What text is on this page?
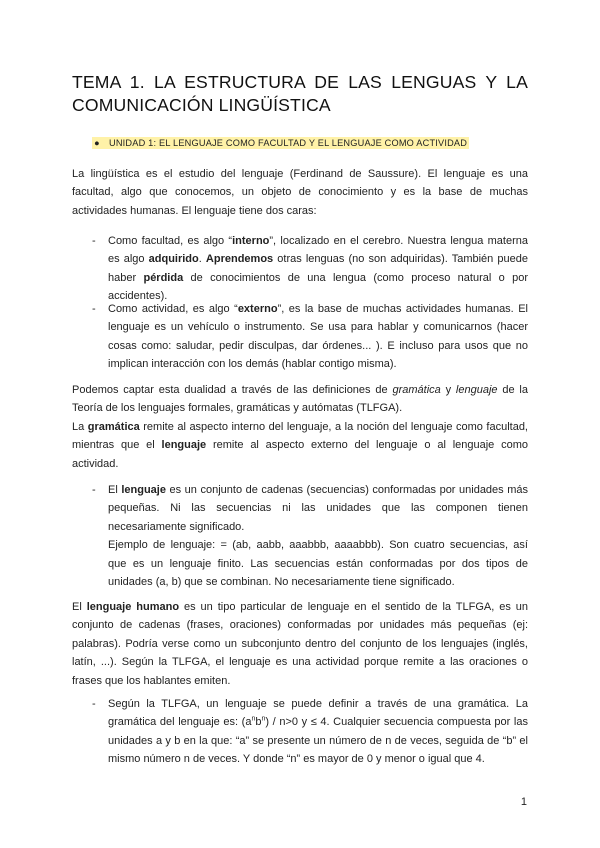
TEMA 1. LA ESTRUCTURA DE LAS LENGUAS Y LA
COMUNICACIÓN LINGÜÍSTICA
● UNIDAD 1: EL LENGUAJE COMO FACULTAD Y EL LENGUAJE COMO ACTIVIDAD

La lingüística es el estudio del lenguaje (Ferdinand de Saussure). El lenguaje es una
facultad, algo que conocemos, un objeto de conocimiento y es la base de muchas
actividades humanas. El lenguaje tiene dos caras:

- Como facultad, es algo “interno”, localizado en el cerebro. Nuestra lengua materna
es algo adquirido. Aprendemos otras lenguas (no son adquiridas). También puede
haber pérdida de conocimientos de una lengua (como proceso natural o por
accidentes).
- Como actividad, es algo “externo”, es la base de muchas actividades humanas. El
lenguaje es un vehículo o instrumento. Se usa para hablar y comunicarnos (hacer
cosas como: saludar, pedir disculpas, dar órdenes... ). E incluso para usos que no
implican interacción con los demás (hablar contigo misma).

Podemos captar esta dualidad a través de las definiciones de gramática y lenguaje de la
Teoría de los lenguajes formales, gramáticas y autómatas (TLFGA).
La gramática remite al aspecto interno del lenguaje, a la noción del lenguaje como facultad,
mientras que el lenguaje remite al aspecto externo del lenguaje o al lenguaje como
actividad.

- El lenguaje es un conjunto de cadenas (secuencias) conformadas por unidades más
pequeñas. Ni las secuencias ni las unidades que las componen tienen
necesariamente significado.
Ejemplo de lenguaje: = (ab, aabb, aaabbb, aaaabbb). Son cuatro secuencias, así
que es un lenguaje finito. Las secuencias están conformadas por dos tipos de
unidades (a, b) que se combinan. No necesariamente tiene significado.

El lenguaje humano es un tipo particular de lenguaje en el sentido de la TLFGA, es un
conjunto de cadenas (frases, oraciones) conformadas por unidades más pequeñas (ej:
palabras). Podría verse como un subconjunto dentro del conjunto de los lenguajes (inglés,
latín, ...). Según la TLFGA, el lenguaje es una actividad porque remite a las oraciones o
frases que los hablantes emiten.

- Según la TLFGA, un lenguaje se puede definir a través de una gramática. La
gramática del lenguaje es: $(a^nb^n) / n>0$ y ≤ 4. Cualquier secuencia compuesta por las
unidades a y b en la que: “a” se presente un número de n de veces, seguida de “b” el
mismo número n de veces. Y donde “n” es mayor de 0 y menor o igual que 4.
1
